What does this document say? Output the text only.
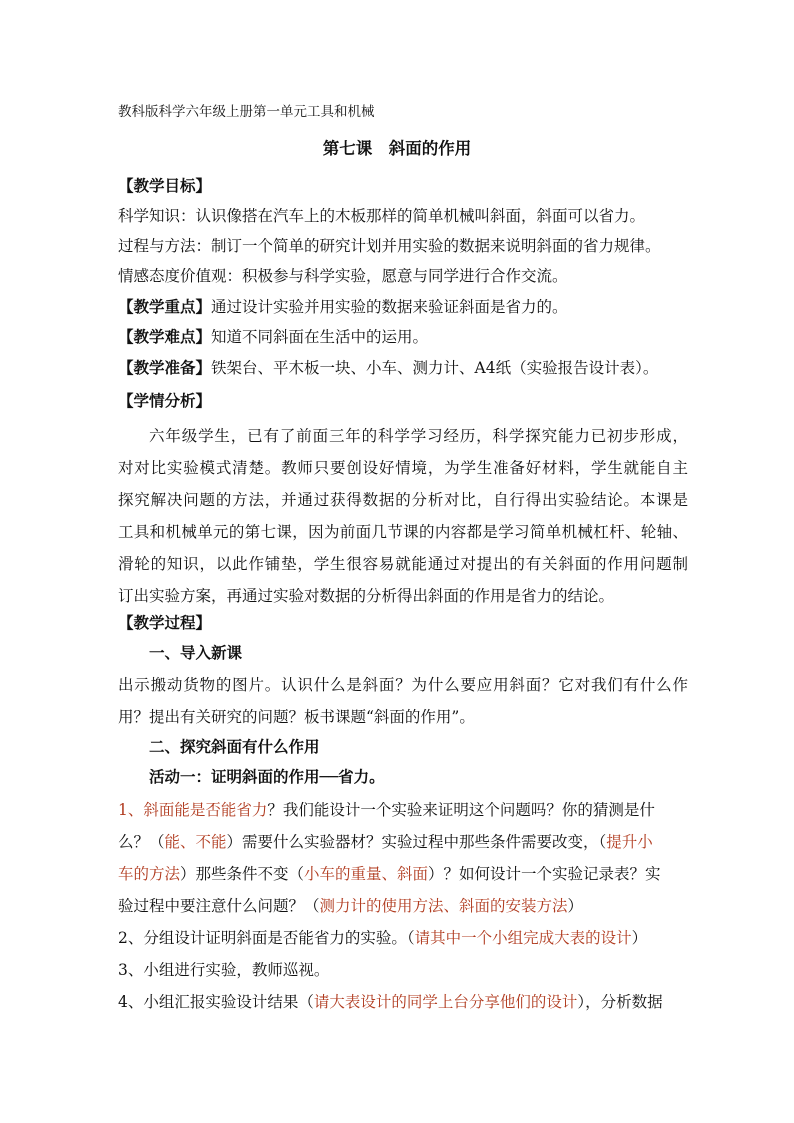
教科版科学六年级上册第一单元工具和机械
第七课　斜面的作用
【教学目标】
科学知识：认识像搭在汽车上的木板那样的简单机械叫斜面，斜面可以省力。
过程与方法：制订一个简单的研究计划并用实验的数据来说明斜面的省力规律。
情感态度价值观：积极参与科学实验，愿意与同学进行合作交流。
【教学重点】通过设计实验并用实验的数据来验证斜面是省力的。
【教学难点】知道不同斜面在生活中的运用。
【教学准备】铁架台、平木板一块、小车、测力计、A4纸（实验报告设计表）。
【学情分析】
六年级学生，已有了前面三年的科学学习经历，科学探究能力已初步形成，
对对比实验模式清楚。教师只要创设好情境，为学生准备好材料，学生就能自主
探究解决问题的方法，并通过获得数据的分析对比，自行得出实验结论。本课是
工具和机械单元的第七课，因为前面几节课的内容都是学习简单机械杠杆、轮轴、
滑轮的知识，以此作铺垫，学生很容易就能通过对提出的有关斜面的作用问题制
订出实验方案，再通过实验对数据的分析得出斜面的作用是省力的结论。
【教学过程】
一、导入新课
出示搬动货物的图片。认识什么是斜面？为什么要应用斜面？它对我们有什么作
用？提出有关研究的问题？板书课题“斜面的作用”。
二、探究斜面有什么作用
活动一：证明斜面的作用──省力。
1、斜面能是否能省力？我们能设计一个实验来证明这个问题吗？你的猜测是什
么？（能、不能）需要什么实验器材？实验过程中那些条件需要改变，（提升小
车的方法）那些条件不变（小车的重量、斜面）？如何设计一个实验记录表？实
验过程中要注意什么问题？（测力计的使用方法、斜面的安装方法）
2、分组设计证明斜面是否能省力的实验。（请其中一个小组完成大表的设计）
3、小组进行实验，教师巡视。
4、小组汇报实验设计结果（请大表设计的同学上台分享他们的设计），分析数据
